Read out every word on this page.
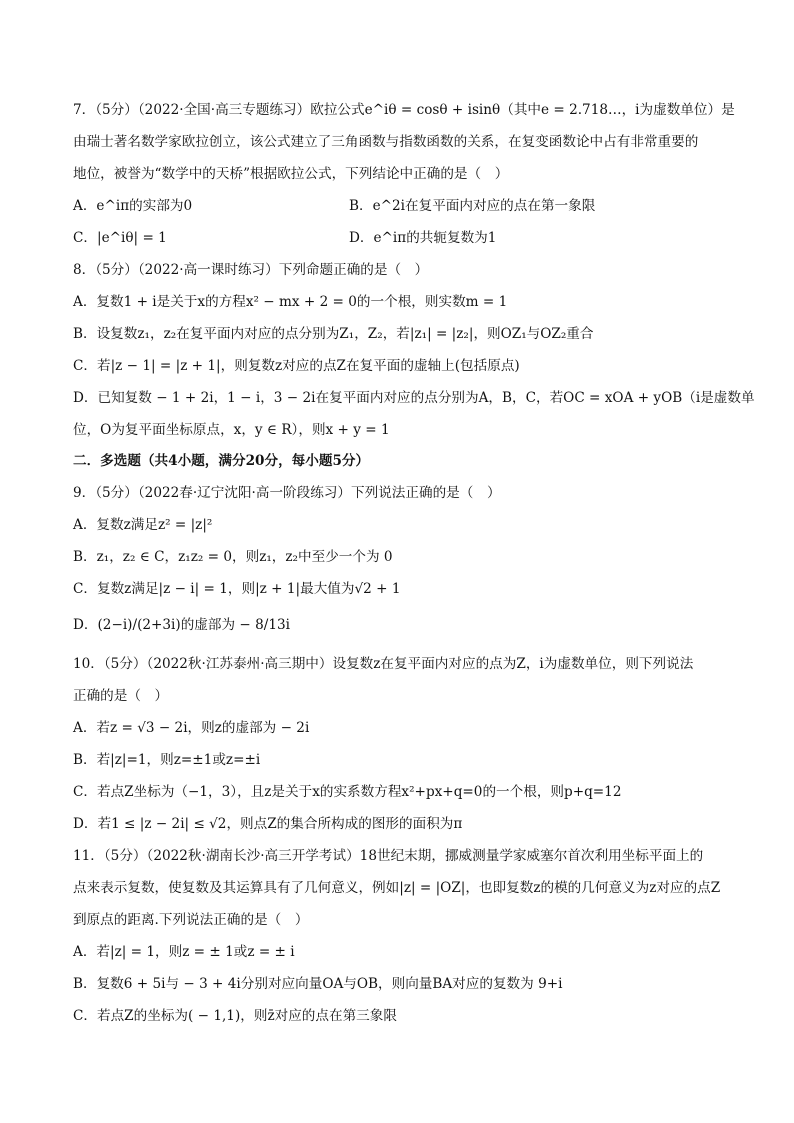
7．（5分）（2022·全国·高三专题练习）欧拉公式e^iθ = cosθ + isinθ（其中e = 2.718…，i为虚数单位）是
由瑞士著名数学家欧拉创立，该公式建立了三角函数与指数函数的关系，在复变函数论中占有非常重要的
地位，被誉为“数学中的天桥”根据欧拉公式，下列结论中正确的是（　）
A．e^iπ的实部为0	B．e^2i在复平面内对应的点在第一象限
C．|e^iθ| = 1	D．e^iπ的共轭复数为1
8．（5分）（2022·高一课时练习）下列命题正确的是（　）
A．复数1 + i是关于x的方程x² − mx + 2 = 0的一个根，则实数m = 1
B．设复数z₁，z₂在复平面内对应的点分别为Z₁，Z₂，若|z₁| = |z₂|，则OZ₁与OZ₂重合
C．若|z − 1| = |z + 1|，则复数z对应的点Z在复平面的虚轴上(包括原点)
D．已知复数 − 1 + 2i，1 − i，3 − 2i在复平面内对应的点分别为A，B，C，若OC = xOA + yOB（i是虚数单
位，O为复平面坐标原点，x，y ∈ R），则x + y = 1
二．多选题（共4小题，满分20分，每小题5分）
9．（5分）（2022春·辽宁沈阳·高一阶段练习）下列说法正确的是（　）
A．复数z满足z² = |z|²
B．z₁，z₂ ∈ C，z₁z₂ = 0，则z₁，z₂中至少一个为 0
C．复数z满足|z − i| = 1，则|z + 1|最大值为√2 + 1
D．(2−i)/(2+3i)的虚部为 − 8/13i
10．（5分）（2022秋·江苏泰州·高三期中）设复数z在复平面内对应的点为Z，i为虚数单位，则下列说法
正确的是（　）
A．若z = √3 − 2i，则z的虚部为 − 2i
B．若|z|=1，则z=±1或z=±i
C．若点Z坐标为（−1，3），且z是关于x的实系数方程x²+px+q=0的一个根，则p+q=12
D．若1 ≤ |z − 2i| ≤ √2，则点Z的集合所构成的图形的面积为π
11．（5分）（2022秋·湖南长沙·高三开学考试）18世纪末期，挪威测量学家威塞尔首次利用坐标平面上的
点来表示复数，使复数及其运算具有了几何意义，例如|z| = |OZ|，也即复数z的模的几何意义为z对应的点Z
到原点的距离.下列说法正确的是（　）
A．若|z| = 1，则z = ± 1或z = ± i
B．复数6 + 5i与 − 3 + 4i分别对应向量OA与OB，则向量BA对应的复数为 9+i
C．若点Z的坐标为( − 1,1)，则z̄对应的点在第三象限
